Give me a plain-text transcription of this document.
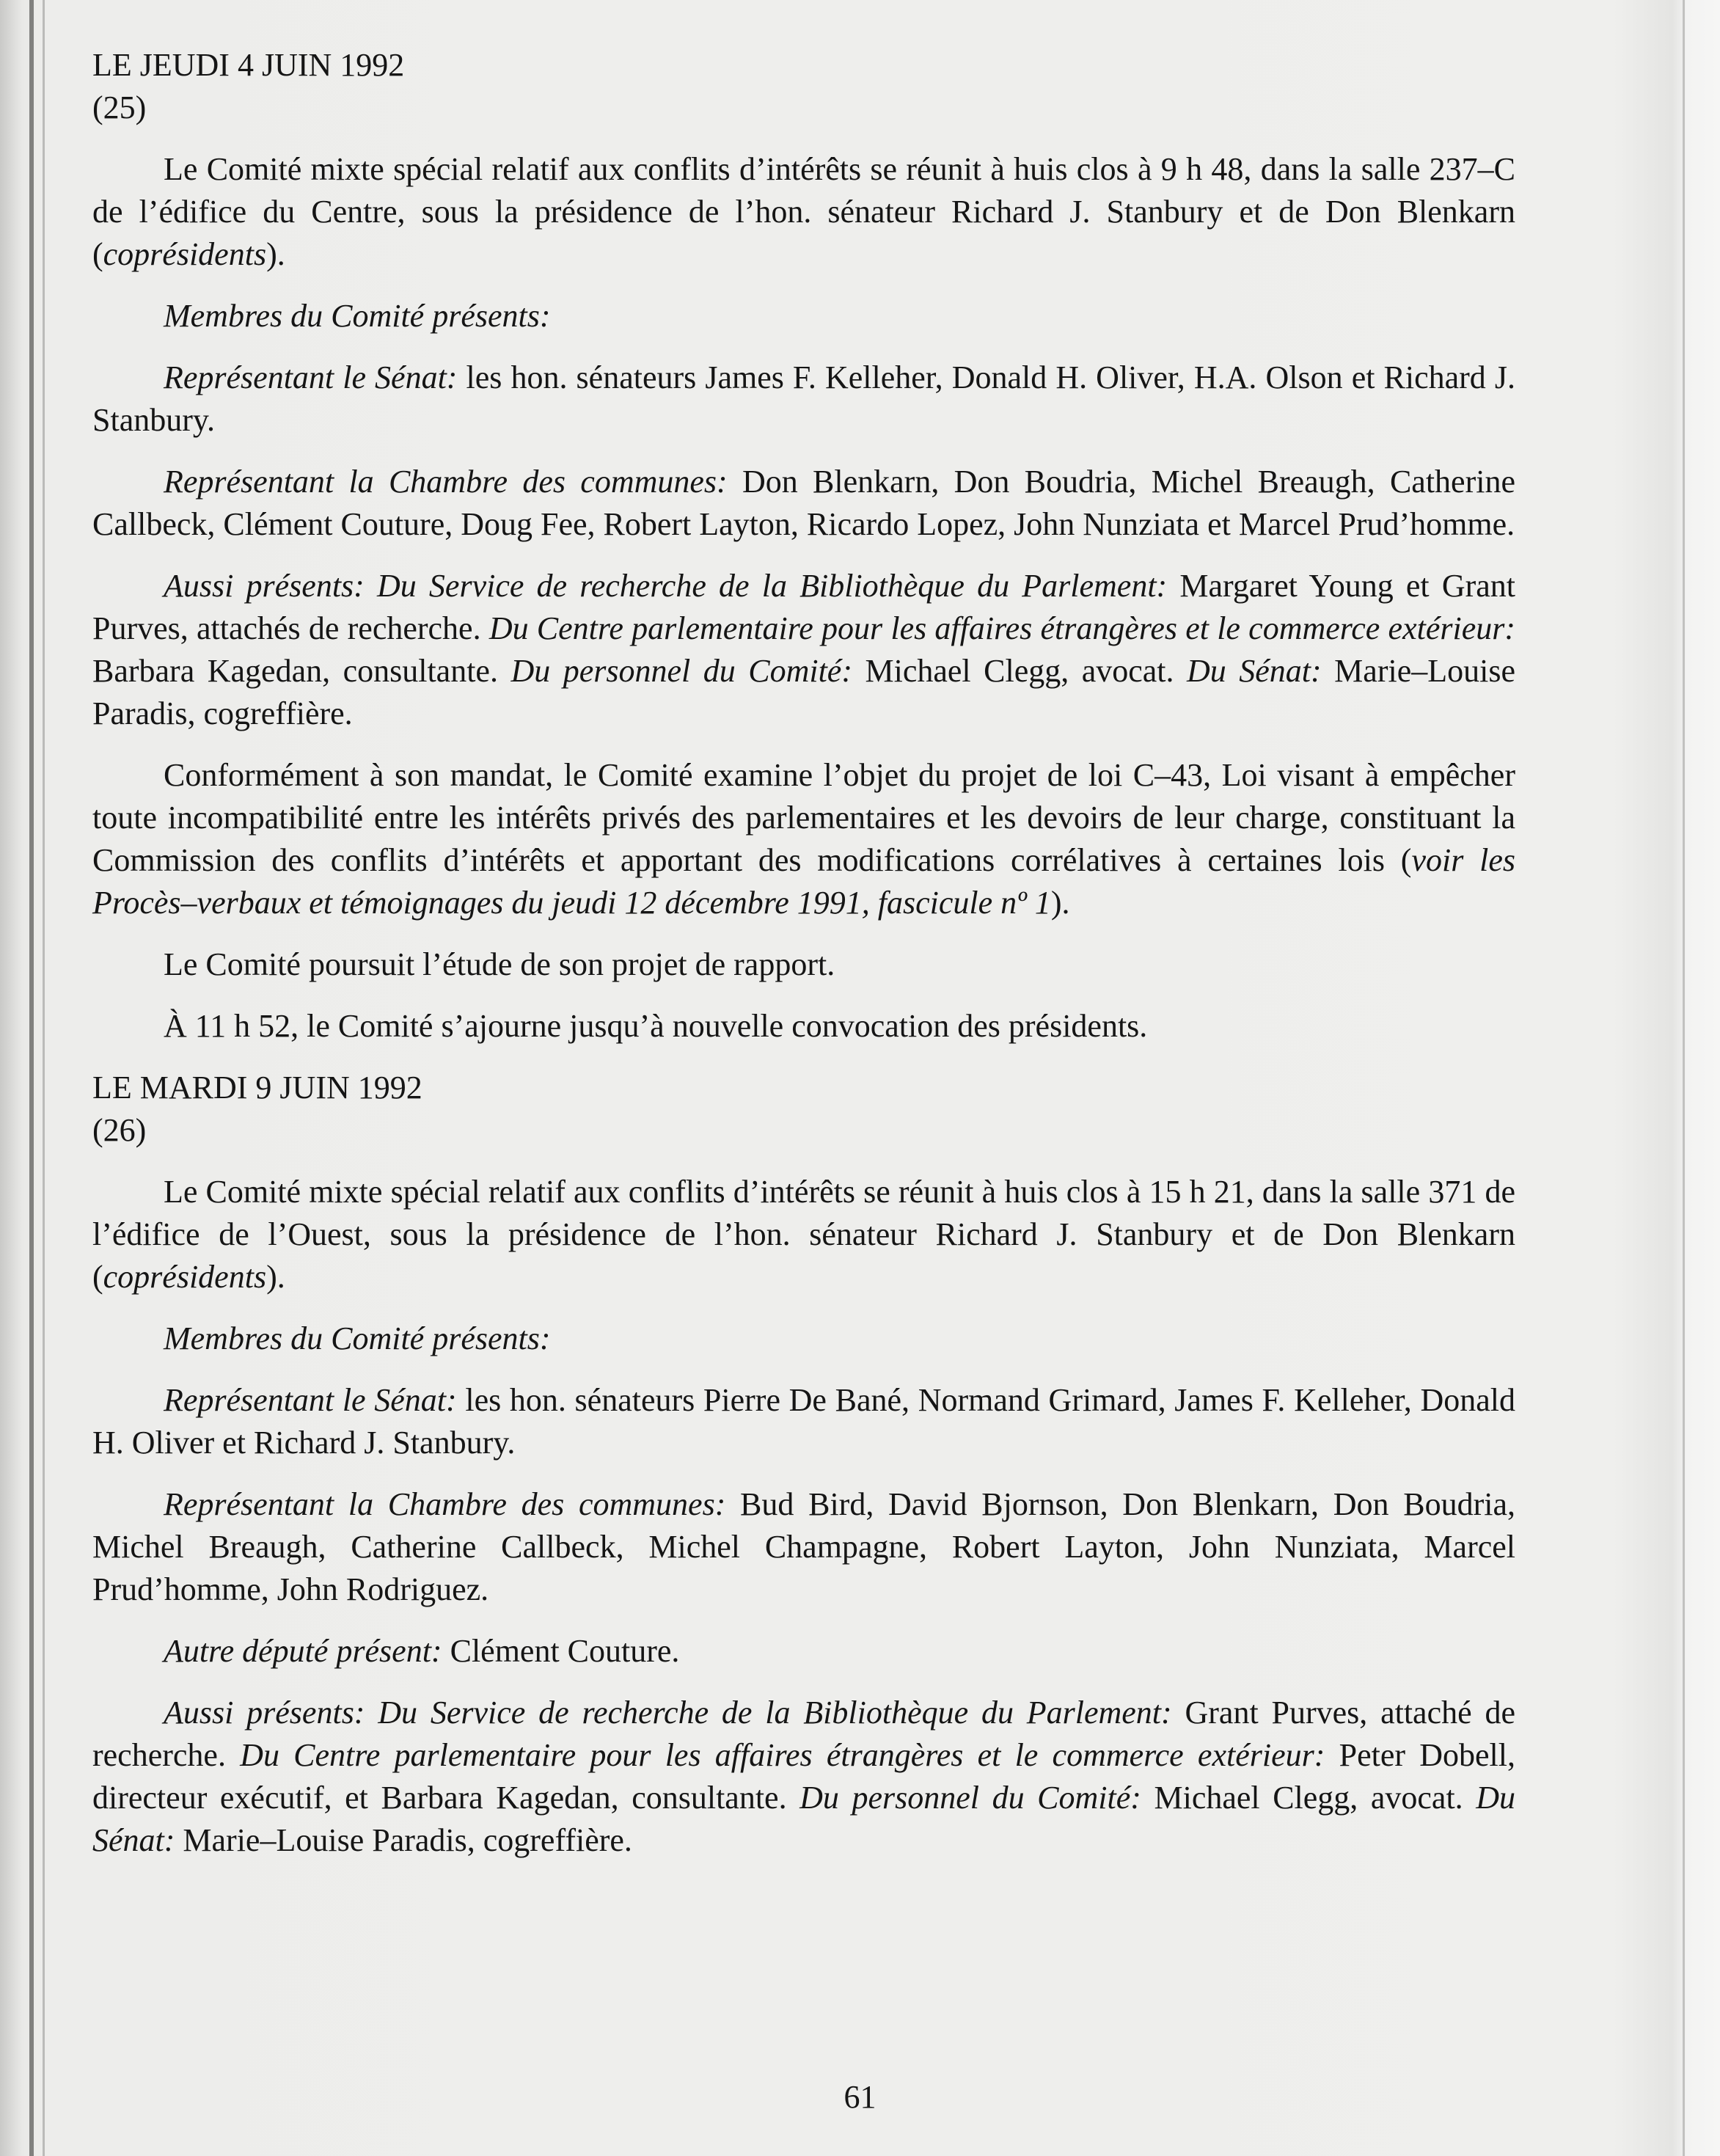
LE JEUDI 4 JUIN 1992
(25)

Le Comité mixte spécial relatif aux conflits d’intérêts se réunit à huis clos à 9 h 48, dans la salle 237–C de l’édifice du Centre, sous la présidence de l’hon. sénateur Richard J. Stanbury et de Don Blenkarn (coprésidents).

Membres du Comité présents:

Représentant le Sénat: les hon. sénateurs James F. Kelleher, Donald H. Oliver, H.A. Olson et Richard J. Stanbury.

Représentant la Chambre des communes: Don Blenkarn, Don Boudria, Michel Breaugh, Catherine Callbeck, Clément Couture, Doug Fee, Robert Layton, Ricardo Lopez, John Nunziata et Marcel Prud’homme.

Aussi présents: Du Service de recherche de la Bibliothèque du Parlement: Margaret Young et Grant Purves, attachés de recherche. Du Centre parlementaire pour les affaires étrangères et le commerce extérieur: Barbara Kagedan, consultante. Du personnel du Comité: Michael Clegg, avocat. Du Sénat: Marie–Louise Paradis, cogreffière.

Conformément à son mandat, le Comité examine l’objet du projet de loi C–43, Loi visant à empêcher toute incompatibilité entre les intérêts privés des parlementaires et les devoirs de leur charge, constituant la Commission des conflits d’intérêts et apportant des modifications corrélatives à certaines lois (voir les Procès–verbaux et témoignages du jeudi 12 décembre 1991, fascicule nº 1).

Le Comité poursuit l’étude de son projet de rapport.

À 11 h 52, le Comité s’ajourne jusqu’à nouvelle convocation des présidents.

LE MARDI 9 JUIN 1992
(26)

Le Comité mixte spécial relatif aux conflits d’intérêts se réunit à huis clos à 15 h 21, dans la salle 371 de l’édifice de l’Ouest, sous la présidence de l’hon. sénateur Richard J. Stanbury et de Don Blenkarn (coprésidents).

Membres du Comité présents:

Représentant le Sénat: les hon. sénateurs Pierre De Bané, Normand Grimard, James F. Kelleher, Donald H. Oliver et Richard J. Stanbury.

Représentant la Chambre des communes: Bud Bird, David Bjornson, Don Blenkarn, Don Boudria, Michel Breaugh, Catherine Callbeck, Michel Champagne, Robert Layton, John Nunziata, Marcel Prud’homme, John Rodriguez.

Autre député présent: Clément Couture.

Aussi présents: Du Service de recherche de la Bibliothèque du Parlement: Grant Purves, attaché de recherche. Du Centre parlementaire pour les affaires étrangères et le commerce extérieur: Peter Dobell, directeur exécutif, et Barbara Kagedan, consultante. Du personnel du Comité: Michael Clegg, avocat. Du Sénat: Marie–Louise Paradis, cogreffière.

61
